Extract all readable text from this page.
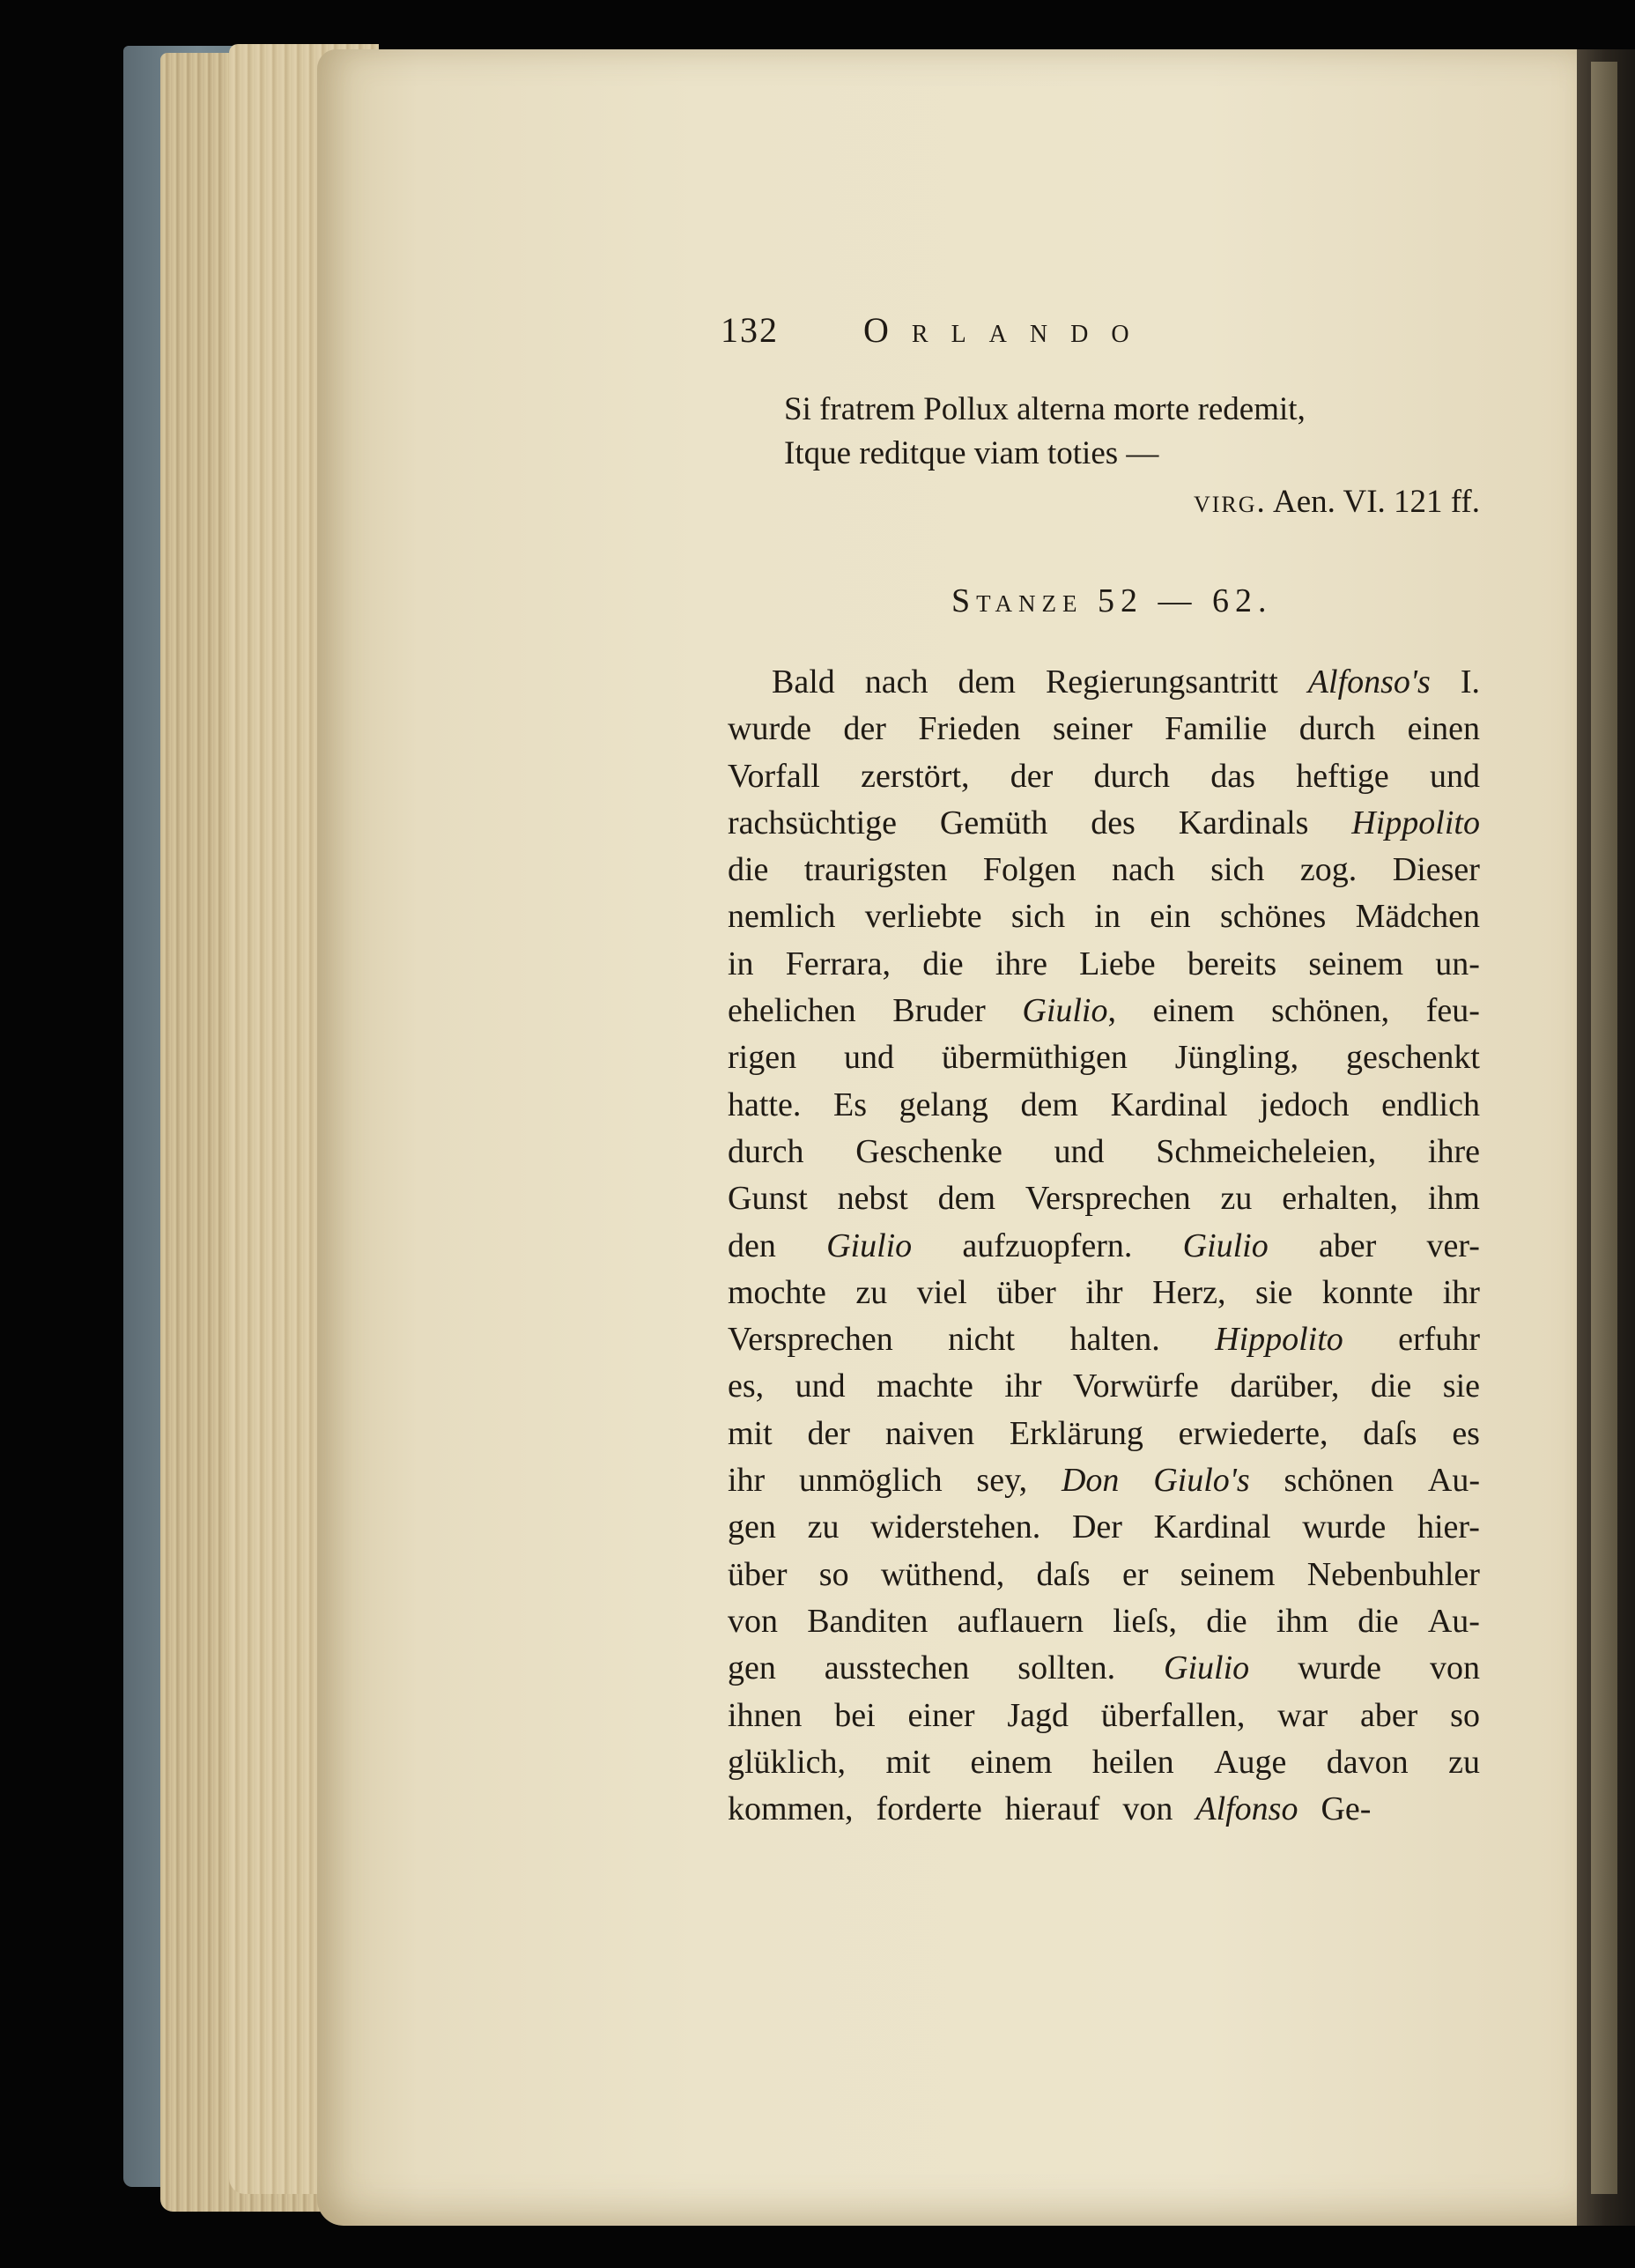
132 Orlando
Si fratrem Pollux alterna morte redemit,
Itque reditque viam toties —
virg. Aen. VI. 121 ff.
Stanze 52 — 62.
Bald nach dem Regierungsantritt Alfonso's I.
wurde der Frieden seiner Familie durch einen
Vorfall zerstört, der durch das heftige und
rachsüchtige Gemüth des Kardinals Hippolito
die traurigsten Folgen nach sich zog. Dieser
nemlich verliebte sich in ein schönes Mädchen
in Ferrara, die ihre Liebe bereits seinem un-
ehelichen Bruder Giulio, einem schönen, feu-
rigen und übermüthigen Jüngling, geschenkt
hatte. Es gelang dem Kardinal jedoch endlich
durch Geschenke und Schmeicheleien, ihre
Gunst nebst dem Versprechen zu erhalten, ihm
den Giulio aufzuopfern. Giulio aber ver-
mochte zu viel über ihr Herz, sie konnte ihr
Versprechen nicht halten. Hippolito erfuhr
es, und machte ihr Vorwürfe darüber, die sie
mit der naiven Erklärung erwiederte, daſs es
ihr unmöglich sey, Don Giulo's schönen Au-
gen zu widerstehen. Der Kardinal wurde hier-
über so wüthend, daſs er seinem Nebenbuhler
von Banditen auflauern lieſs, die ihm die Au-
gen ausstechen sollten. Giulio wurde von
ihnen bei einer Jagd überfallen, war aber so
glüklich, mit einem heilen Auge davon zu
kommen, forderte hierauf von Alfonso Ge-
